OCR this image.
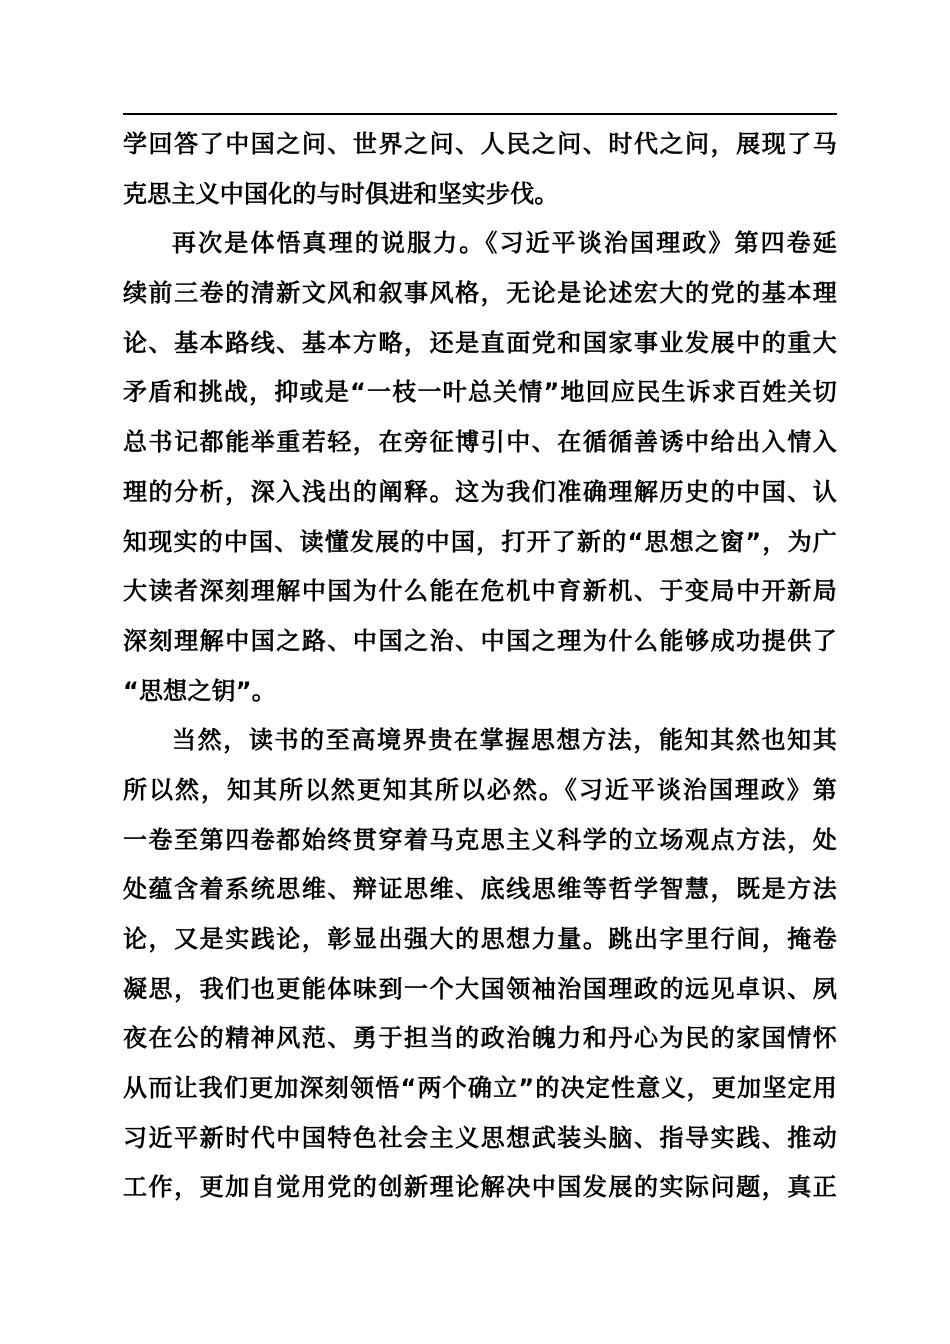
学回答了中国之问、世界之问、人民之问、时代之问，展现了马
克思主义中国化的与时俱进和坚实步伐。
再次是体悟真理的说服力。《习近平谈治国理政》第四卷延
续前三卷的清新文风和叙事风格，无论是论述宏大的党的基本理
论、基本路线、基本方略，还是直面党和国家事业发展中的重大
矛盾和挑战，抑或是“一枝一叶总关情”地回应民生诉求百姓关切
总书记都能举重若轻，在旁征博引中、在循循善诱中给出入情入
理的分析，深入浅出的阐释。这为我们准确理解历史的中国、认
知现实的中国、读懂发展的中国，打开了新的“思想之窗”，为广
大读者深刻理解中国为什么能在危机中育新机、于变局中开新局
深刻理解中国之路、中国之治、中国之理为什么能够成功提供了
“思想之钥”。
当然，读书的至高境界贵在掌握思想方法，能知其然也知其
所以然，知其所以然更知其所以必然。《习近平谈治国理政》第
一卷至第四卷都始终贯穿着马克思主义科学的立场观点方法，处
处蕴含着系统思维、辩证思维、底线思维等哲学智慧，既是方法
论，又是实践论，彰显出强大的思想力量。跳出字里行间，掩卷
凝思，我们也更能体味到一个大国领袖治国理政的远见卓识、夙
夜在公的精神风范、勇于担当的政治魄力和丹心为民的家国情怀
从而让我们更加深刻领悟“两个确立”的决定性意义，更加坚定用
习近平新时代中国特色社会主义思想武装头脑、指导实践、推动
工作，更加自觉用党的创新理论解决中国发展的实际问题，真正
